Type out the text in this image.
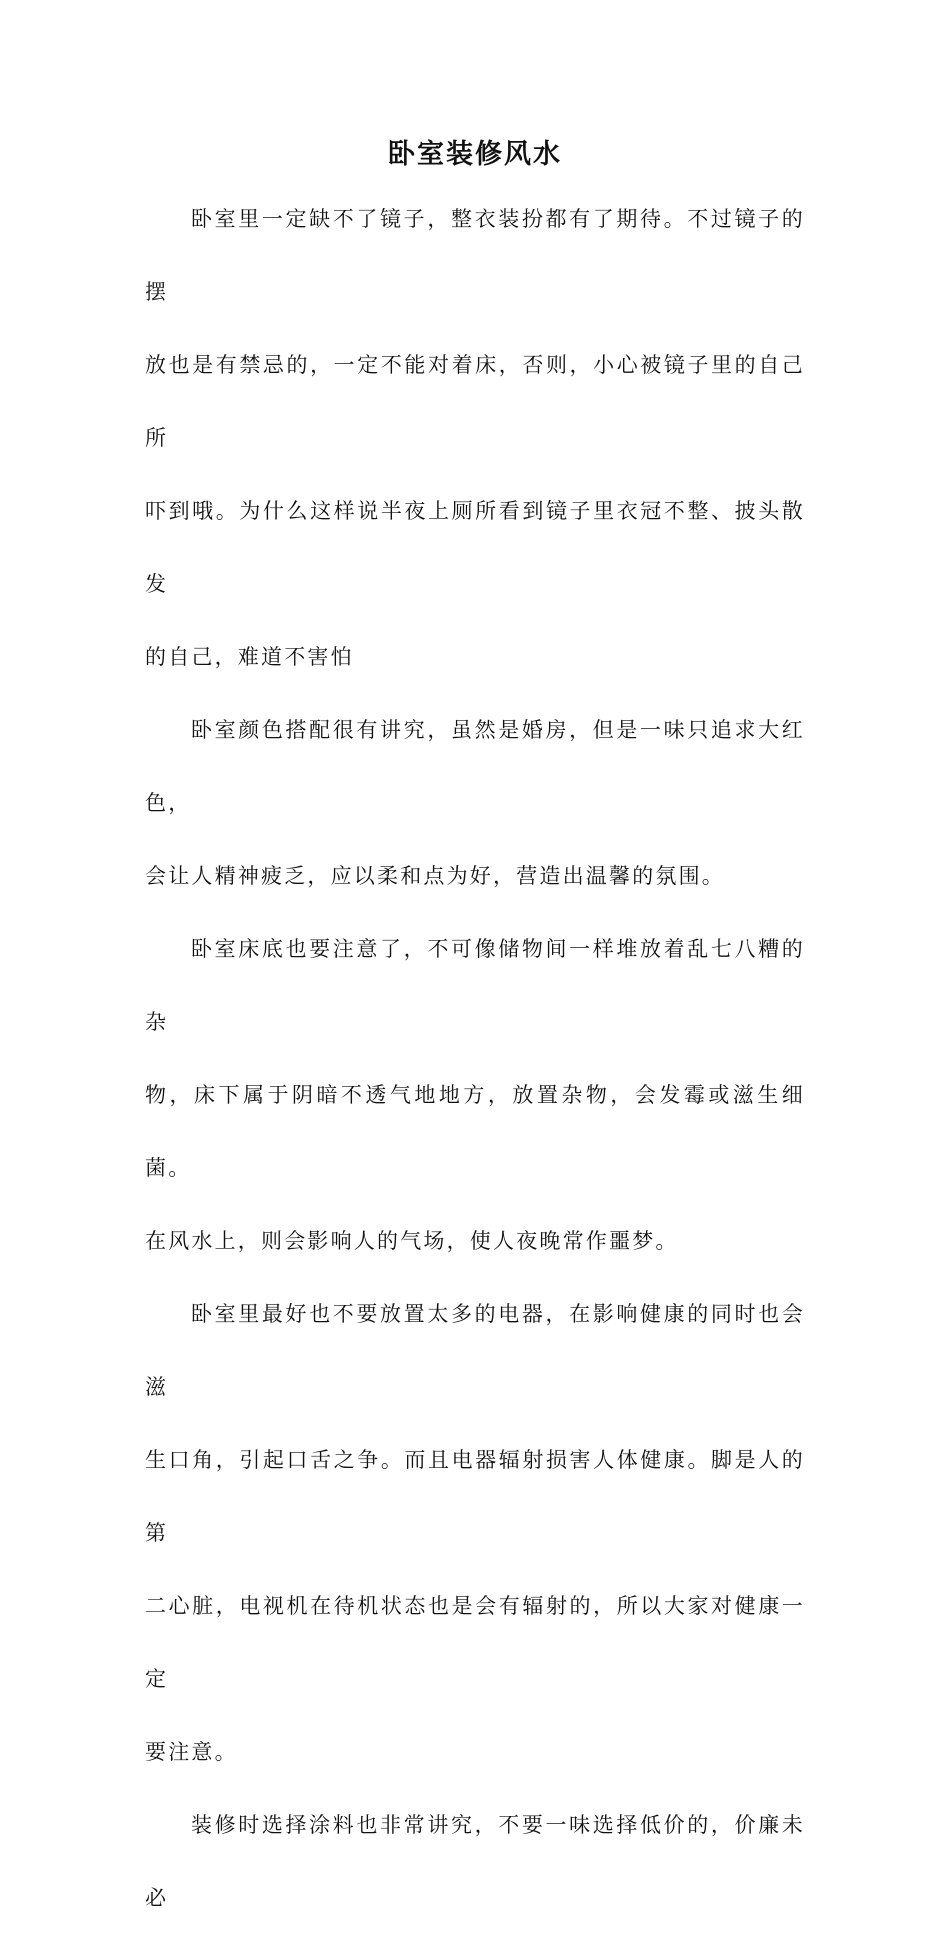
卧室装修风水

卧室里一定缺不了镜子，整衣装扮都有了期待。不过镜子的摆
放也是有禁忌的，一定不能对着床，否则，小心被镜子里的自己所
吓到哦。为什么这样说半夜上厕所看到镜子里衣冠不整、披头散发
的自己，难道不害怕

卧室颜色搭配很有讲究，虽然是婚房，但是一味只追求大红色，
会让人精神疲乏，应以柔和点为好，营造出温馨的氛围。

卧室床底也要注意了，不可像储物间一样堆放着乱七八糟的杂
物，床下属于阴暗不透气地地方，放置杂物，会发霉或滋生细菌。
在风水上，则会影响人的气场，使人夜晚常作噩梦。

卧室里最好也不要放置太多的电器，在影响健康的同时也会滋
生口角，引起口舌之争。而且电器辐射损害人体健康。脚是人的第
二心脏，电视机在待机状态也是会有辐射的，所以大家对健康一定
要注意。

装修时选择涂料也非常讲究，不要一味选择低价的，价廉未必
